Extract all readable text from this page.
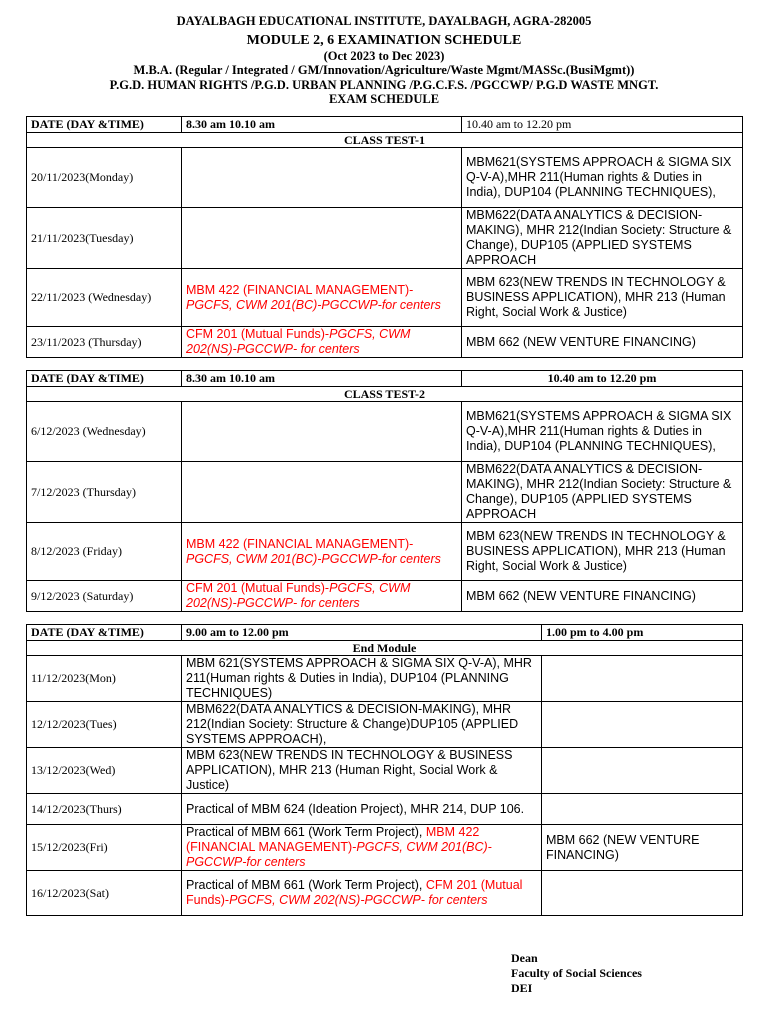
DAYALBAGH EDUCATIONAL INSTITUTE, DAYALBAGH, AGRA-282005
MODULE 2, 6 EXAMINATION SCHEDULE
(Oct 2023 to Dec 2023)
M.B.A. (Regular / Integrated / GM/Innovation/Agriculture/Waste Mgmt/MASSc.(BusiMgmt))
P.G.D. HUMAN RIGHTS /P.G.D. URBAN PLANNING /P.G.C.F.S. /PGCCWP/ P.G.D WASTE MNGT.
EXAM SCHEDULE
DATE (DAY &TIME)	8.30 am 10.10 am	10.40 am to 12.20 pm
CLASS TEST-1		
20/11/2023(Monday)		MBM621(SYSTEMS APPROACH & SIGMA SIX Q-V-A),MHR 211(Human rights & Duties in India), DUP104 (PLANNING TECHNIQUES),
21/11/2023(Tuesday)		MBM622(DATA ANALYTICS & DECISION-MAKING), MHR 212(Indian Society: Structure & Change), DUP105 (APPLIED SYSTEMS APPROACH
22/11/2023 (Wednesday)	MBM 422 (FINANCIAL MANAGEMENT)-PGCFS, CWM 201(BC)-PGCCWP-for centers	MBM 623(NEW TRENDS IN TECHNOLOGY & BUSINESS APPLICATION), MHR 213 (Human Right, Social Work & Justice)
23/11/2023 (Thursday)	CFM 201 (Mutual Funds)-PGCFS, CWM 202(NS)-PGCCWP- for centers	MBM 662 (NEW VENTURE FINANCING)
DATE (DAY &TIME)	8.30 am 10.10 am	10.40 am to 12.20 pm
CLASS TEST-2		
6/12/2023 (Wednesday)		MBM621(SYSTEMS APPROACH & SIGMA SIX Q-V-A),MHR 211(Human rights & Duties in India), DUP104 (PLANNING TECHNIQUES),
7/12/2023 (Thursday)		MBM622(DATA ANALYTICS & DECISION-MAKING), MHR 212(Indian Society: Structure & Change), DUP105 (APPLIED SYSTEMS APPROACH
8/12/2023 (Friday)	MBM 422 (FINANCIAL MANAGEMENT)-PGCFS, CWM 201(BC)-PGCCWP-for centers	MBM 623(NEW TRENDS IN TECHNOLOGY & BUSINESS APPLICATION), MHR 213 (Human Right, Social Work & Justice)
9/12/2023 (Saturday)	CFM 201 (Mutual Funds)-PGCFS, CWM 202(NS)-PGCCWP- for centers	MBM 662 (NEW VENTURE FINANCING)
DATE (DAY &TIME)	9.00 am to 12.00 pm	1.00 pm to 4.00 pm
End Module		
11/12/2023(Mon)	MBM 621(SYSTEMS APPROACH & SIGMA SIX Q-V-A), MHR 211(Human rights & Duties in India), DUP104 (PLANNING TECHNIQUES)	
12/12/2023(Tues)	MBM622(DATA ANALYTICS & DECISION-MAKING), MHR 212(Indian Society: Structure & Change)DUP105 (APPLIED SYSTEMS APPROACH),	
13/12/2023(Wed)	MBM 623(NEW TRENDS IN TECHNOLOGY & BUSINESS APPLICATION), MHR 213 (Human Right, Social Work & Justice)	
14/12/2023(Thurs)	Practical of MBM 624 (Ideation Project), MHR 214, DUP 106.	
15/12/2023(Fri)	Practical of MBM 661 (Work Term Project), MBM 422 (FINANCIAL MANAGEMENT)-PGCFS, CWM 201(BC)-PGCCWP-for centers	MBM 662 (NEW VENTURE FINANCING)
16/12/2023(Sat)	Practical of MBM 661 (Work Term Project), CFM 201 (Mutual Funds)-PGCFS, CWM 202(NS)-PGCCWP- for centers	
Dean
Faculty of Social Sciences
DEI
